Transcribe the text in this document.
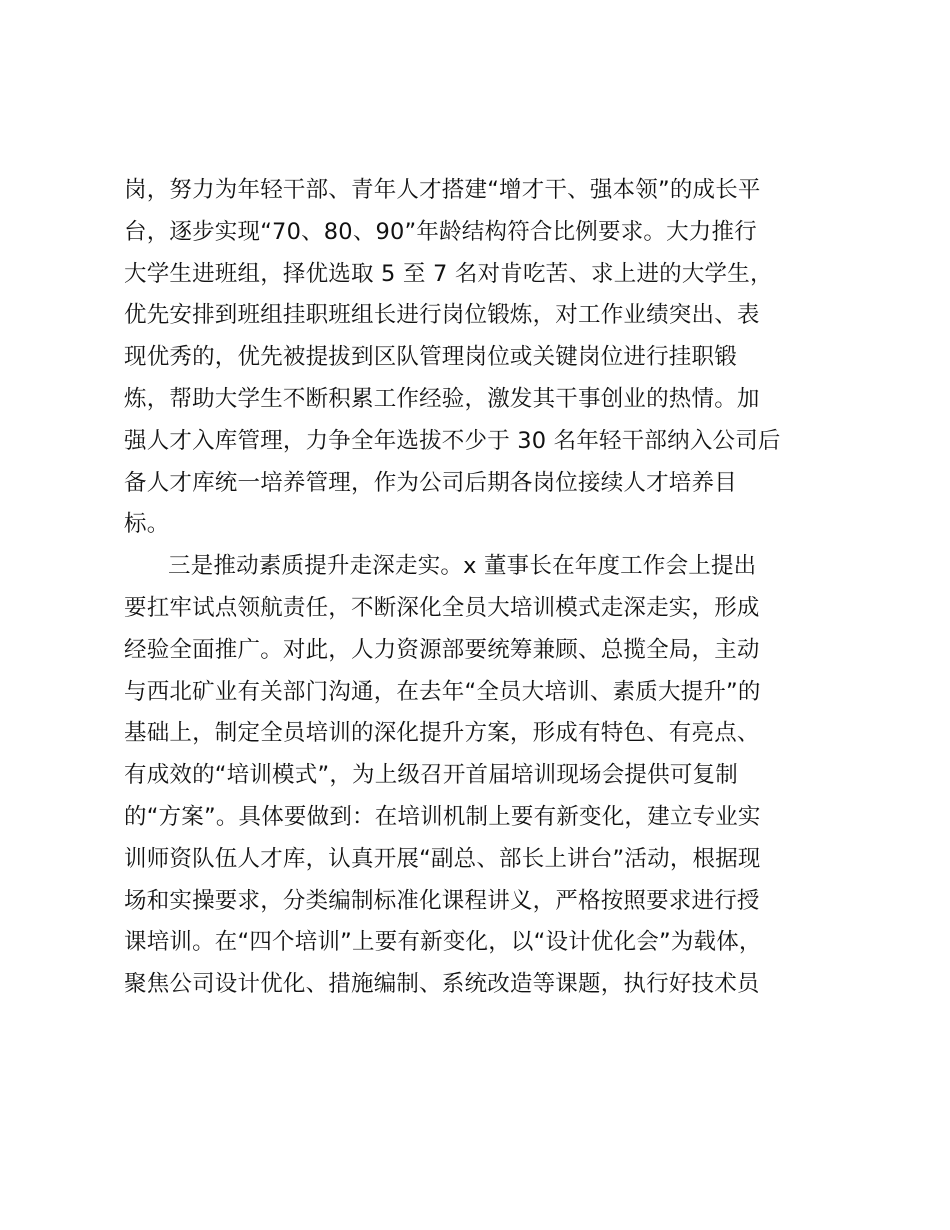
岗，努力为年轻干部、青年人才搭建“增才干、强本领”的成长平
台，逐步实现“70、80、90”年龄结构符合比例要求。大力推行
大学生进班组，择优选取 5 至 7 名对肯吃苦、求上进的大学生，
优先安排到班组挂职班组长进行岗位锻炼，对工作业绩突出、表
现优秀的，优先被提拔到区队管理岗位或关键岗位进行挂职锻
炼，帮助大学生不断积累工作经验，激发其干事创业的热情。加
强人才入库管理，力争全年选拔不少于 30 名年轻干部纳入公司后
备人才库统一培养管理，作为公司后期各岗位接续人才培养目
标。
三是推动素质提升走深走实。x 董事长在年度工作会上提出
要扛牢试点领航责任，不断深化全员大培训模式走深走实，形成
经验全面推广。对此，人力资源部要统筹兼顾、总揽全局，主动
与西北矿业有关部门沟通，在去年“全员大培训、素质大提升”的
基础上，制定全员培训的深化提升方案，形成有特色、有亮点、
有成效的“培训模式”，为上级召开首届培训现场会提供可复制
的“方案”。具体要做到：在培训机制上要有新变化，建立专业实
训师资队伍人才库，认真开展“副总、部长上讲台”活动，根据现
场和实操要求，分类编制标准化课程讲义，严格按照要求进行授
课培训。在“四个培训”上要有新变化，以“设计优化会”为载体，
聚焦公司设计优化、措施编制、系统改造等课题，执行好技术员
